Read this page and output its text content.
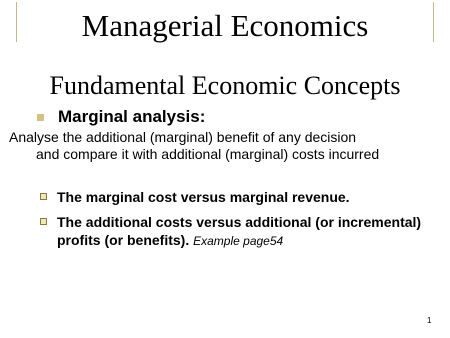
Managerial Economics
Fundamental Economic Concepts
Marginal analysis:
Analyse the additional (marginal) benefit of any decision
and compare it with additional (marginal) costs incurred
The marginal cost versus marginal revenue.
The additional costs versus additional (or incremental) profits (or benefits). Example page54
1
